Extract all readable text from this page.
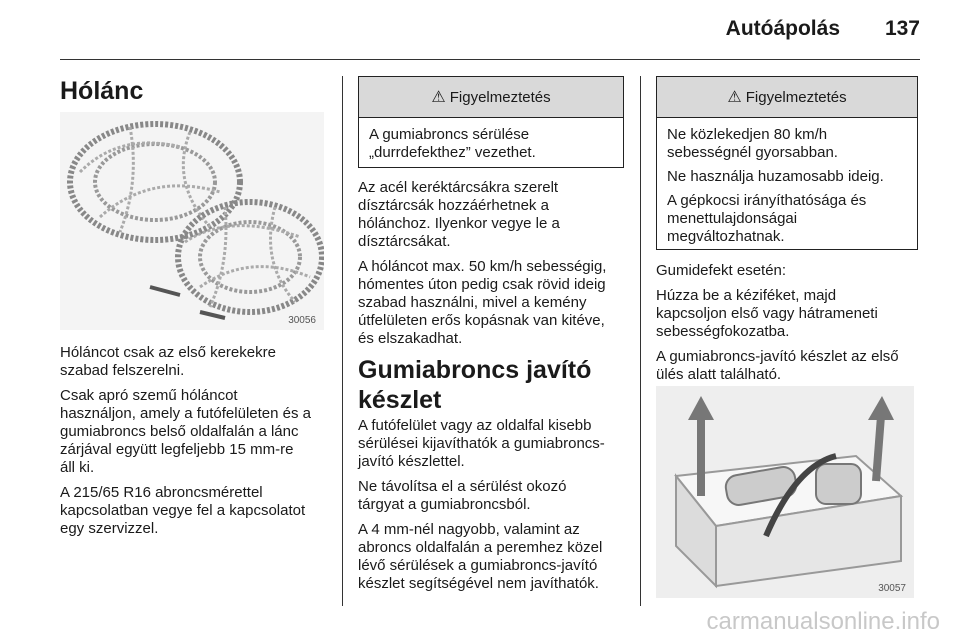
Autóápolás 137
Hólánc
30056

Hóláncot csak az első kerekekre
szabad felszerelni.

Csak apró szemű hóláncot
használjon, amely a futófelületen és a
gumiabroncs belső oldalfalán a lánc
zárjával együtt legfeljebb 15 mm-re
áll ki.

A 215/65 R16 abroncsmérettel
kapcsolatban vegye fel a kapcsolatot
egy szervizzel.

⚠ Figyelmeztetés

A gumiabroncs sérülése
„durrdefekthez” vezethet.

Az acél keréktárcsákra szerelt
dísztárcsák hozzáérhetnek a
hólánchoz. Ilyenkor vegye le a
dísztárcsákat.

A hóláncot max. 50 km/h sebességig,
hómentes úton pedig csak rövid ideig
szabad használni, mivel a kemény
útfelületen erős kopásnak van kitéve,
és elszakadhat.

Gumiabroncs javító
készlet

A futófelület vagy az oldalfal kisebb
sérülései kijavíthatók a gumiabroncs-
javító készlettel.

Ne távolítsa el a sérülést okozó
tárgyat a gumiabroncsból.

A 4 mm-nél nagyobb, valamint az
abroncs oldalfalán a peremhez közel
lévő sérülések a gumiabroncs-javító
készlet segítségével nem javíthatók.

⚠ Figyelmeztetés

Ne közlekedjen 80 km/h
sebességnél gyorsabban.

Ne használja huzamosabb ideig.

A gépkocsi irányíthatósága és
menettulajdonságai
megváltozhatnak.

Gumidefekt esetén:

Húzza be a kéziféket, majd
kapcsoljon első vagy hátrameneti
sebességfokozatba.

A gumiabroncs-javító készlet az első
ülés alatt található.

30057
carmanualsonline.info
